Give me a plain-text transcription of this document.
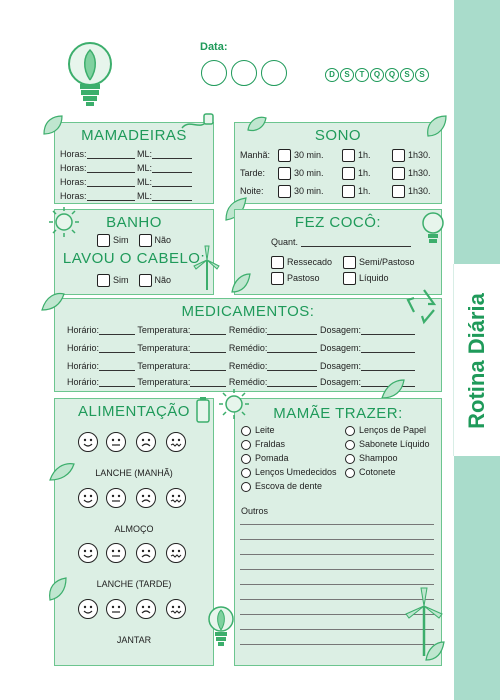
Rotina Diária
Data:
D S T Q Q S S
MAMADEIRAS
Horas:	ML:
Horas:	ML:
Horas:	ML:
Horas:	ML:
SONO
Manhã:	30 min.	1h.	1h30.
Tarde:	30 min.	1h.	1h30.
Noite:	30 min.	1h.	1h30.
BANHO
Sim	Não
LAVOU O CABELO:
Sim	Não
FEZ COCÔ:
Quant.
Ressecado	Semi/Pastoso
Pastoso	Líquido
MEDICAMENTOS:
Horário:	Temperatura:	Remédio:	Dosagem:
Horário:	Temperatura:	Remédio:	Dosagem:
Horário:	Temperatura:	Remédio:	Dosagem:
Horário:	Temperatura:	Remédio:	Dosagem:
ALIMENTAÇÃO
LANCHE (MANHÃ)
ALMOÇO
LANCHE (TARDE)
JANTAR
MAMÃE TRAZER:
Leite
Fraldas
Pomada
Lenços Umedecidos
Escova de dente
Lenços de Papel
Sabonete Líquido
Shampoo
Cotonete
Outros
